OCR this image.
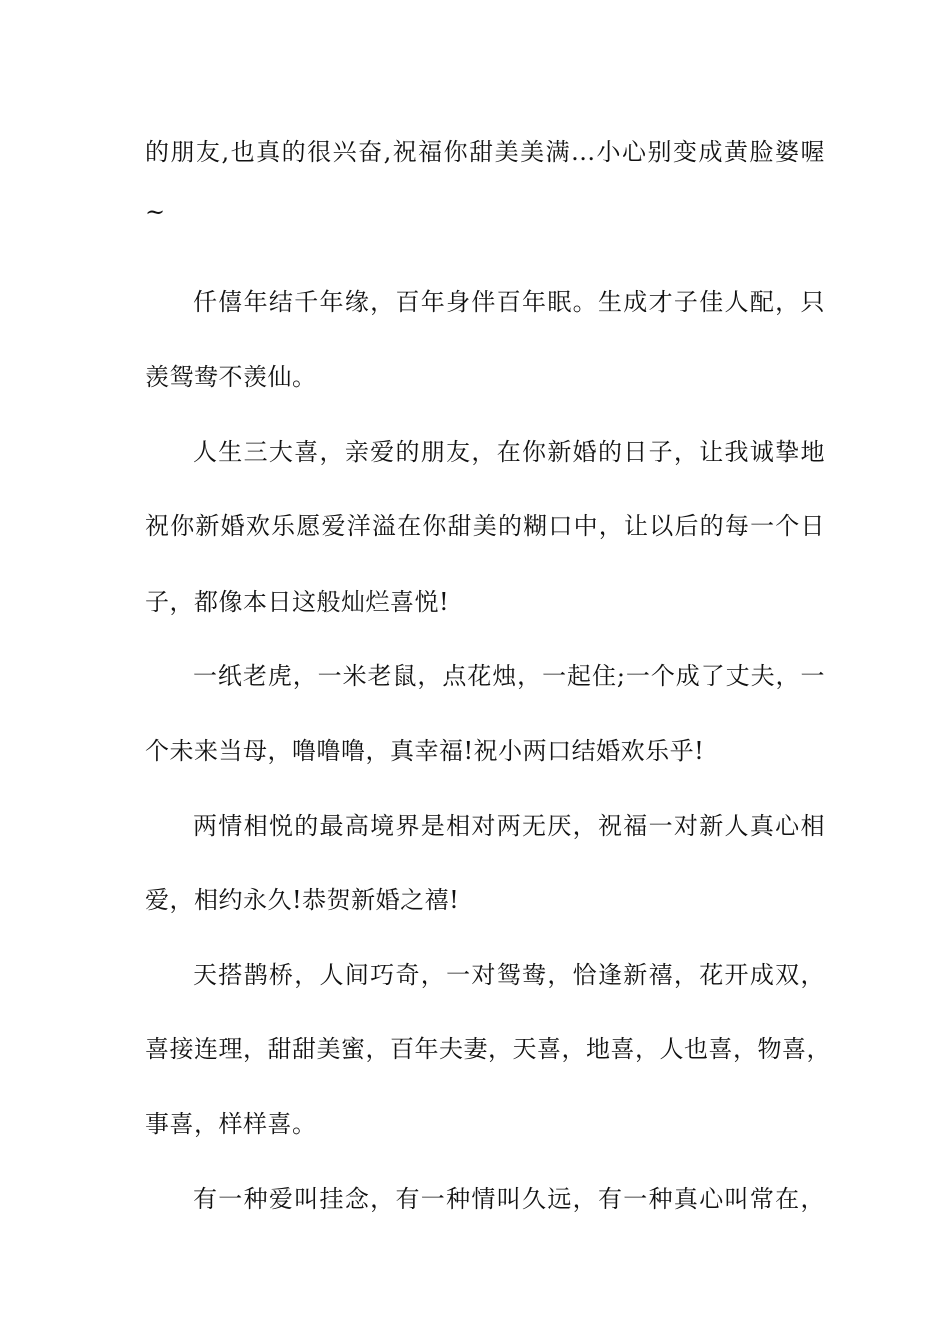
的朋友,也真的很兴奋,祝福你甜美美满...小心别变成黄脸婆喔
~
仟僖年结千年缘，百年身伴百年眠。生成才子佳人配，只
羡鸳鸯不羡仙。
人生三大喜，亲爱的朋友，在你新婚的日子，让我诚挚地
祝你新婚欢乐愿爱洋溢在你甜美的糊口中，让以后的每一个日
子，都像本日这般灿烂喜悦!
一纸老虎，一米老鼠，点花烛，一起住;一个成了丈夫，一
个未来当母，噜噜噜，真幸福!祝小两口结婚欢乐乎!
两情相悦的最高境界是相对两无厌，祝福一对新人真心相
爱，相约永久!恭贺新婚之禧!
天搭鹊桥，人间巧奇，一对鸳鸯，恰逢新禧，花开成双，
喜接连理，甜甜美蜜，百年夫妻，天喜，地喜，人也喜，物喜，
事喜，样样喜。
有一种爱叫挂念，有一种情叫久远，有一种真心叫常在，
